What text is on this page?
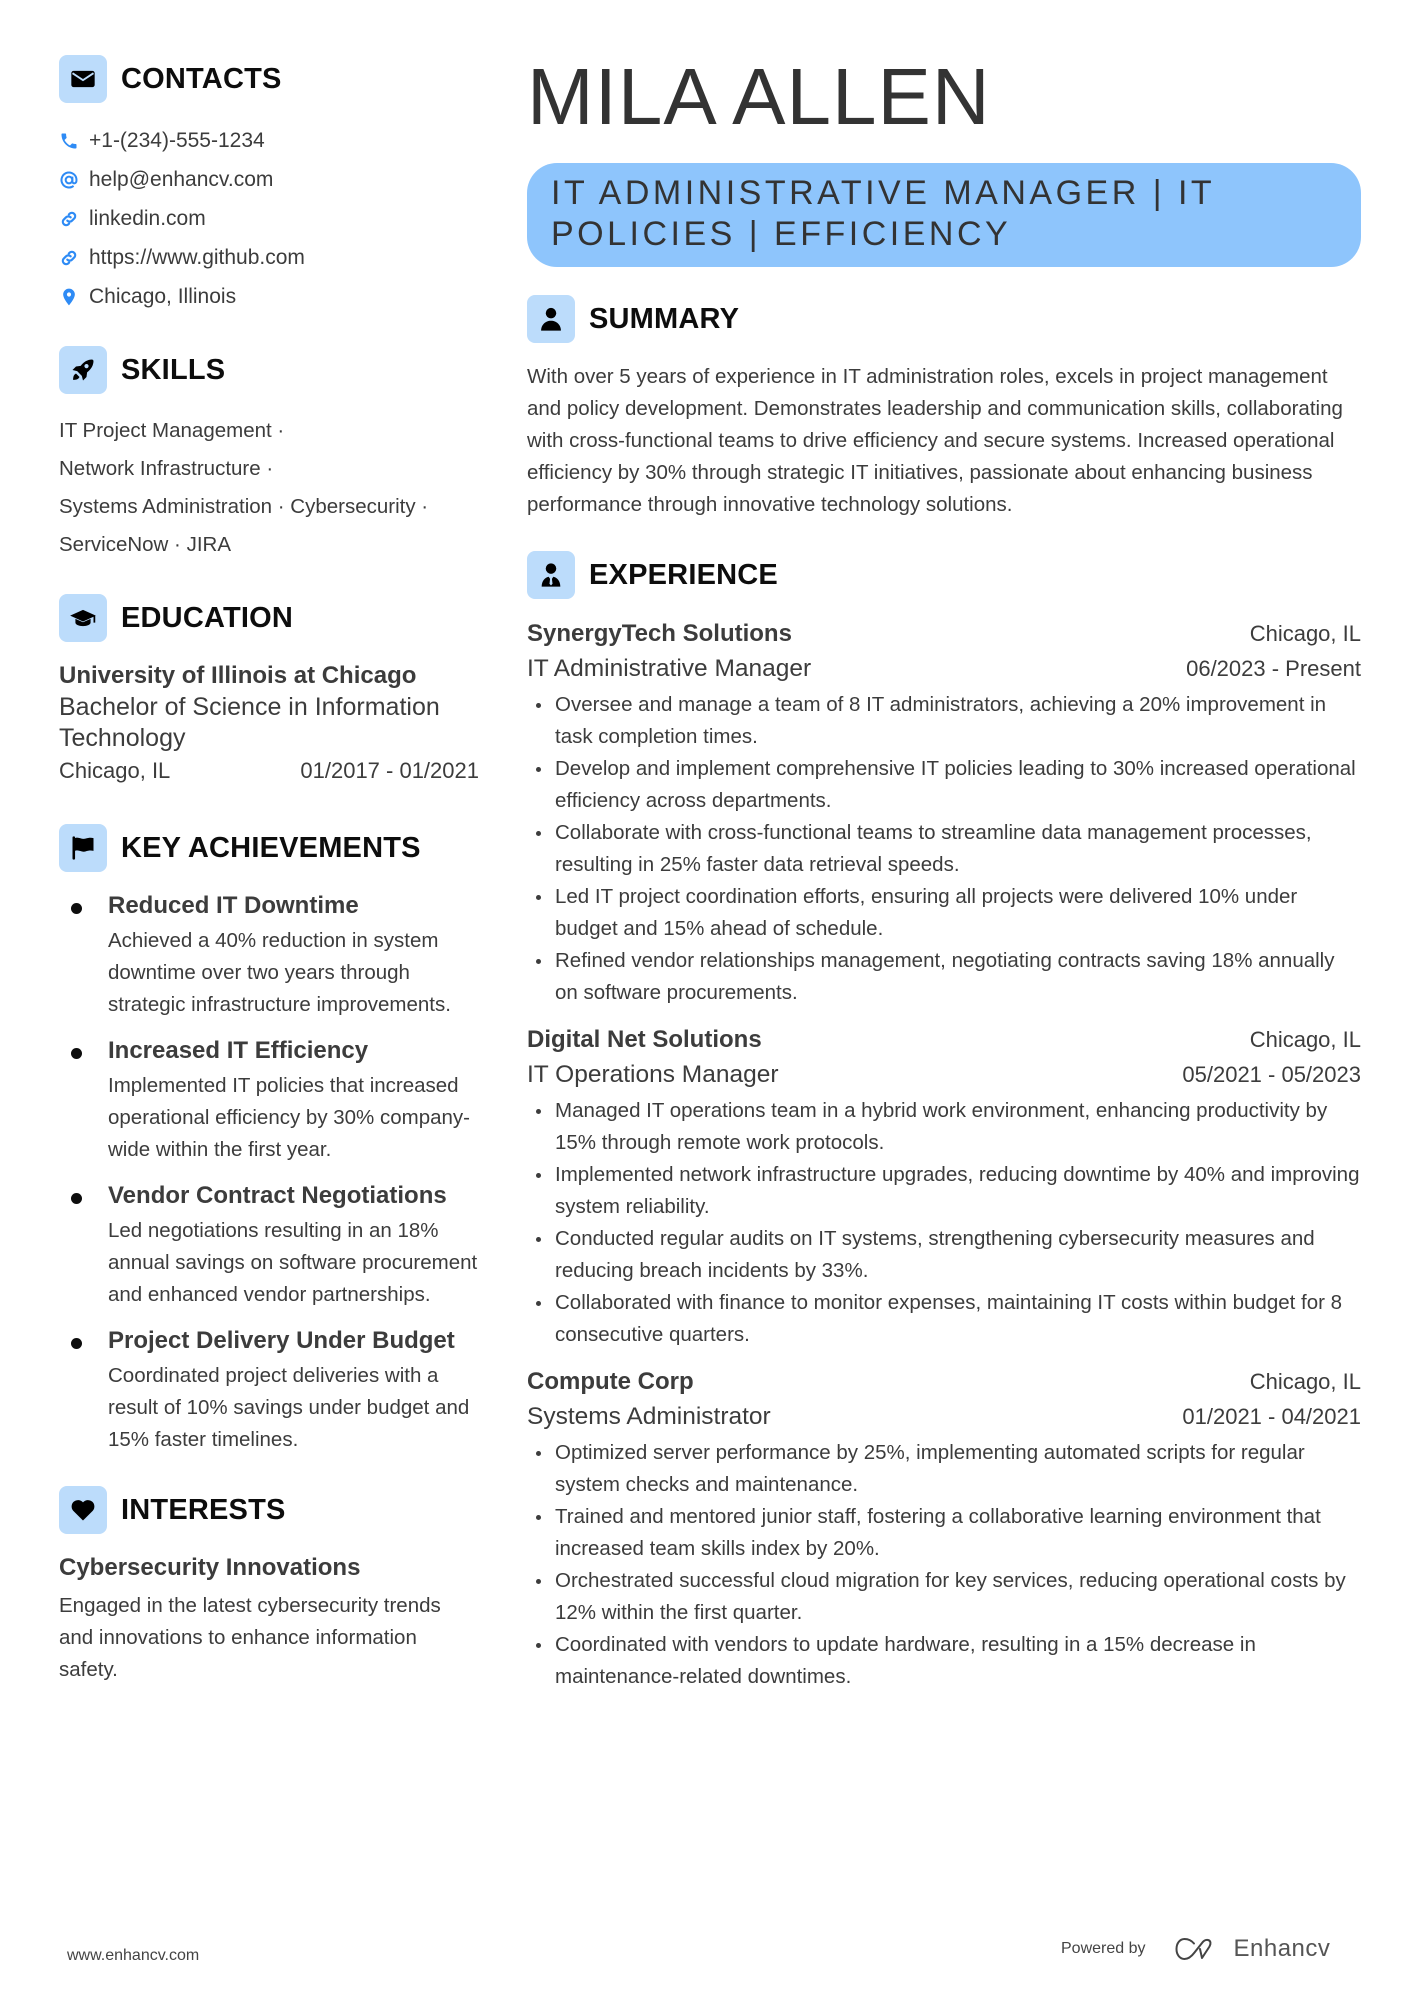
CONTACTS
+1-(234)-555-1234
help@enhancv.com
linkedin.com
https://www.github.com
Chicago, Illinois
SKILLS
IT Project Management ·
Network Infrastructure ·
Systems Administration · Cybersecurity ·
ServiceNow · JIRA
EDUCATION
University of Illinois at Chicago
Bachelor of Science in Information Technology
Chicago, IL	01/2017 - 01/2021
KEY ACHIEVEMENTS
Reduced IT Downtime
Achieved a 40% reduction in system downtime over two years through strategic infrastructure improvements.
Increased IT Efficiency
Implemented IT policies that increased operational efficiency by 30% company-wide within the first year.
Vendor Contract Negotiations
Led negotiations resulting in an 18% annual savings on software procurement and enhanced vendor partnerships.
Project Delivery Under Budget
Coordinated project deliveries with a result of 10% savings under budget and 15% faster timelines.
INTERESTS
Cybersecurity Innovations
Engaged in the latest cybersecurity trends and innovations to enhance information safety.
MILA ALLEN
IT ADMINISTRATIVE MANAGER | IT POLICIES | EFFICIENCY
SUMMARY

With over 5 years of experience in IT administration roles, excels in project management and policy development. Demonstrates leadership and communication skills, collaborating with cross-functional teams to drive efficiency and secure systems. Increased operational efficiency by 30% through strategic IT initiatives, passionate about enhancing business performance through innovative technology solutions.

EXPERIENCE
SynergyTech Solutions	Chicago, IL
IT Administrative Manager	06/2023 - Present
Oversee and manage a team of 8 IT administrators, achieving a 20% improvement in task completion times.
Develop and implement comprehensive IT policies leading to 30% increased operational efficiency across departments.
Collaborate with cross-functional teams to streamline data management processes, resulting in 25% faster data retrieval speeds.
Led IT project coordination efforts, ensuring all projects were delivered 10% under budget and 15% ahead of schedule.
Refined vendor relationships management, negotiating contracts saving 18% annually on software procurements.
Digital Net Solutions	Chicago, IL
IT Operations Manager	05/2021 - 05/2023
Managed IT operations team in a hybrid work environment, enhancing productivity by 15% through remote work protocols.
Implemented network infrastructure upgrades, reducing downtime by 40% and improving system reliability.
Conducted regular audits on IT systems, strengthening cybersecurity measures and reducing breach incidents by 33%.
Collaborated with finance to monitor expenses, maintaining IT costs within budget for 8 consecutive quarters.
Compute Corp	Chicago, IL
Systems Administrator	01/2021 - 04/2021
Optimized server performance by 25%, implementing automated scripts for regular system checks and maintenance.
Trained and mentored junior staff, fostering a collaborative learning environment that increased team skills index by 20%.
Orchestrated successful cloud migration for key services, reducing operational costs by 12% within the first quarter.
Coordinated with vendors to update hardware, resulting in a 15% decrease in maintenance-related downtimes.
www.enhancv.com	Powered by	Enhancv
